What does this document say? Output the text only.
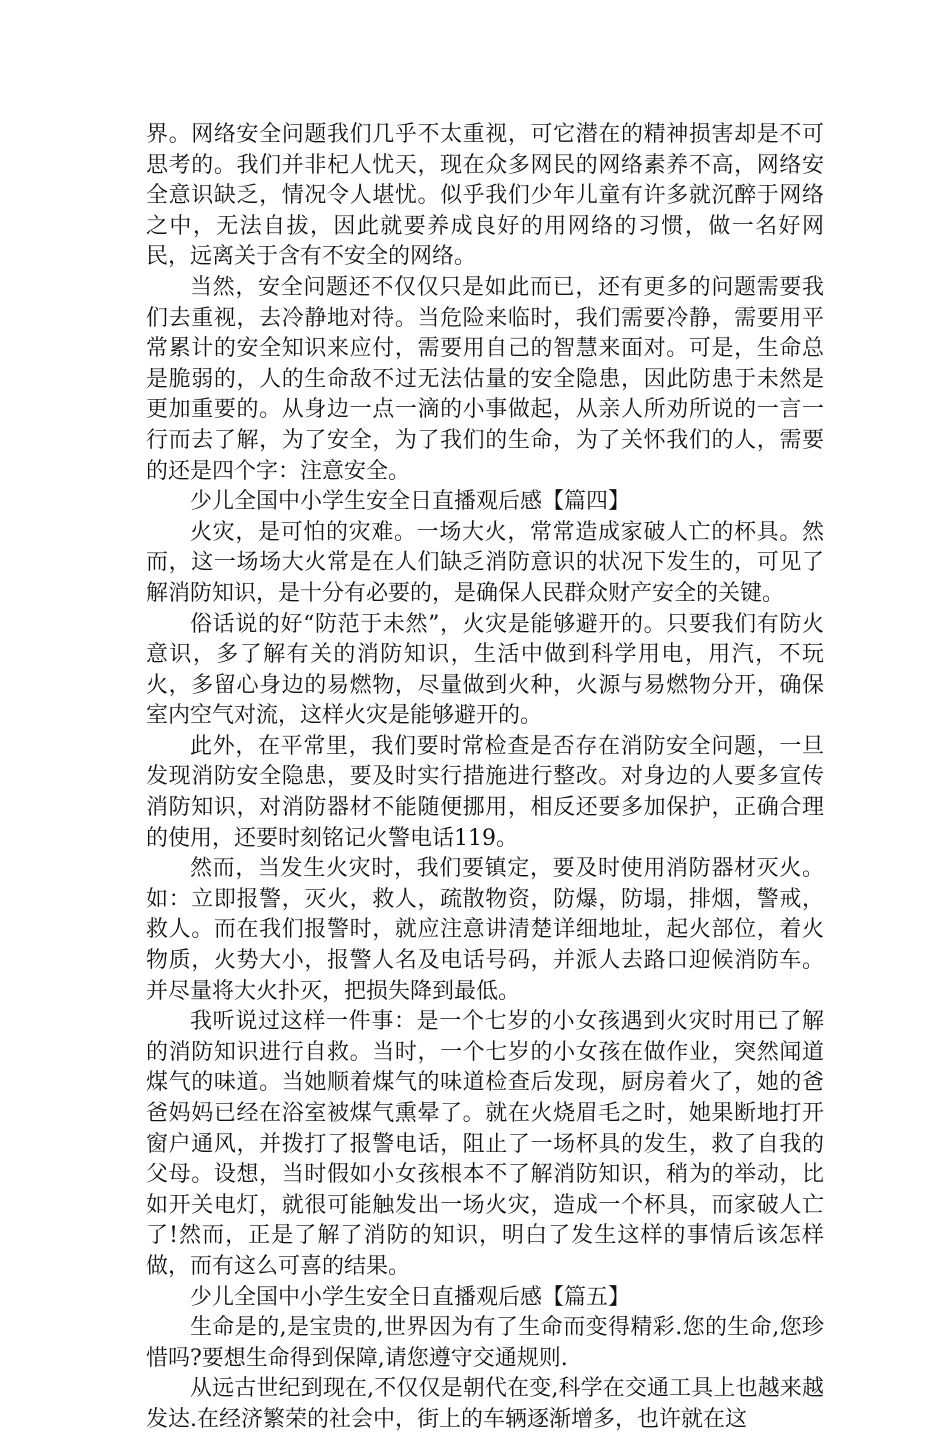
界。网络安全问题我们几乎不太重视，可它潜在的精神损害却是不可思考的。我们并非杞人忧天，现在众多网民的网络素养不高，网络安全意识缺乏，情况令人堪忧。似乎我们少年儿童有许多就沉醉于网络之中，无法自拔，因此就要养成良好的用网络的习惯，做一名好网民，远离关于含有不安全的网络。

当然，安全问题还不仅仅只是如此而已，还有更多的问题需要我们去重视，去冷静地对待。当危险来临时，我们需要冷静，需要用平常累计的安全知识来应付，需要用自己的智慧来面对。可是，生命总是脆弱的，人的生命敌不过无法估量的安全隐患，因此防患于未然是更加重要的。从身边一点一滴的小事做起，从亲人所劝所说的一言一行而去了解，为了安全，为了我们的生命，为了关怀我们的人，需要的还是四个字：注意安全。

少儿全国中小学生安全日直播观后感【篇四】

火灾，是可怕的灾难。一场大火，常常造成家破人亡的杯具。然而，这一场场大火常是在人们缺乏消防意识的状况下发生的，可见了解消防知识，是十分有必要的，是确保人民群众财产安全的关键。

俗话说的好“防范于未然”，火灾是能够避开的。只要我们有防火意识，多了解有关的消防知识，生活中做到科学用电，用汽，不玩火，多留心身边的易燃物，尽量做到火种，火源与易燃物分开，确保室内空气对流，这样火灾是能够避开的。

此外，在平常里，我们要时常检查是否存在消防安全问题，一旦发现消防安全隐患，要及时实行措施进行整改。对身边的人要多宣传消防知识，对消防器材不能随便挪用，相反还要多加保护，正确合理的使用，还要时刻铭记火警电话119。

然而，当发生火灾时，我们要镇定，要及时使用消防器材灭火。如：立即报警，灭火，救人，疏散物资，防爆，防塌，排烟，警戒，救人。而在我们报警时，就应注意讲清楚详细地址，起火部位，着火物质，火势大小，报警人名及电话号码，并派人去路口迎候消防车。并尽量将大火扑灭，把损失降到最低。

我听说过这样一件事：是一个七岁的小女孩遇到火灾时用已了解的消防知识进行自救。当时，一个七岁的小女孩在做作业，突然闻道煤气的味道。当她顺着煤气的味道检查后发现，厨房着火了，她的爸爸妈妈已经在浴室被煤气熏晕了。就在火烧眉毛之时，她果断地打开窗户通风，并拨打了报警电话，阻止了一场杯具的发生，救了自我的父母。设想，当时假如小女孩根本不了解消防知识，稍为的举动，比如开关电灯，就很可能触发出一场火灾，造成一个杯具，而家破人亡了!然而，正是了解了消防的知识，明白了发生这样的事情后该怎样做，而有这么可喜的结果。

少儿全国中小学生安全日直播观后感【篇五】

生命是的,是宝贵的,世界因为有了生命而变得精彩.您的生命,您珍惜吗?要想生命得到保障,请您遵守交通规则.

从远古世纪到现在,不仅仅是朝代在变,科学在交通工具上也越来越发达.在经济繁荣的社会中，街上的车辆逐渐增多，也许就在这
